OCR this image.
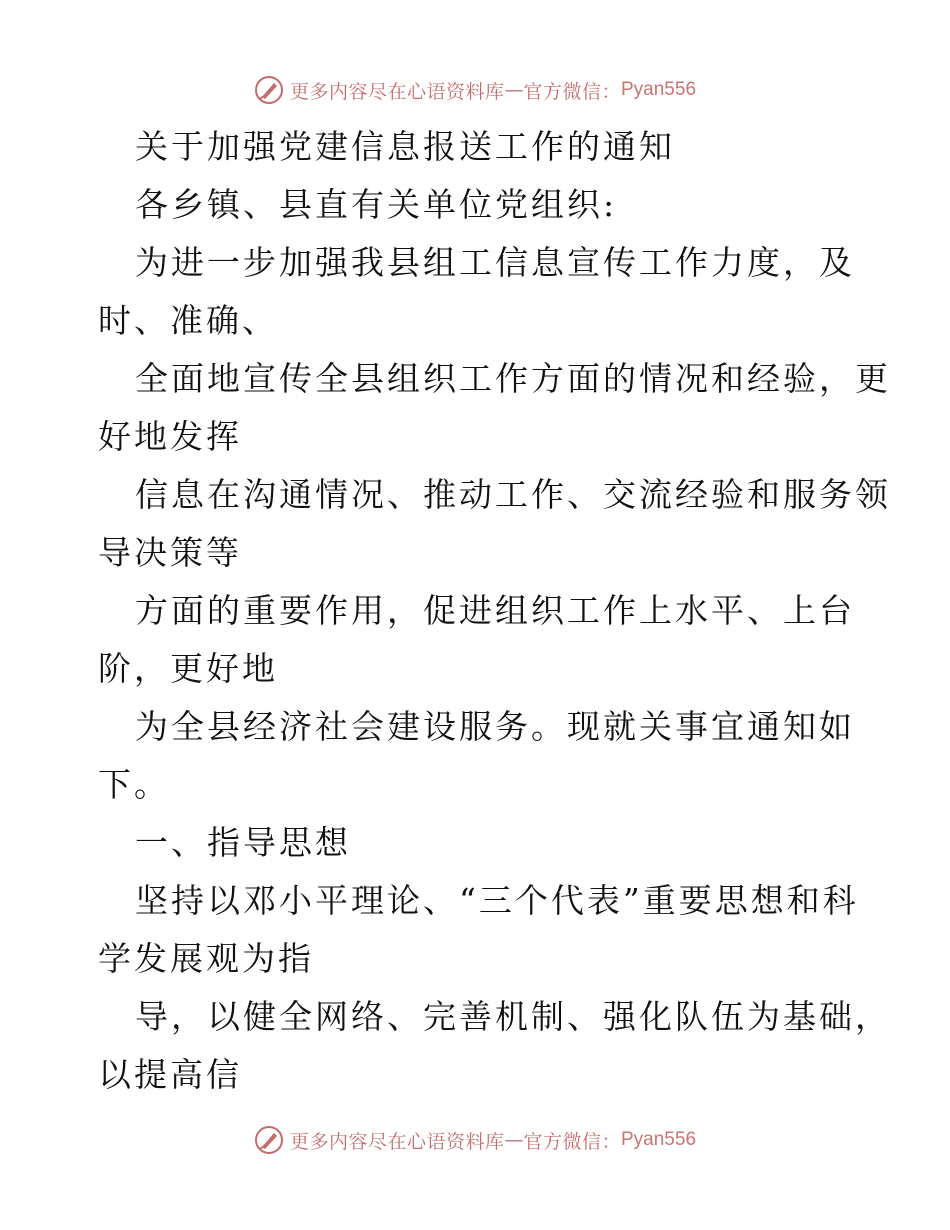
更多内容尽在心语资料库 — 官方微信： Pyan556
关于加强党建信息报送工作的通知
各乡镇、县直有关单位党组织:
为进一步加强我县组工信息宣传工作力度，及
时、准确、
全面地宣传全县组织工作方面的情况和经验，更
好地发挥
信息在沟通情况、推动工作、交流经验和服务领
导决策等
方面的重要作用，促进组织工作上水平、上台
阶，更好地
为全县经济社会建设服务。现就关事宜通知如
下。
一、指导思想
坚持以邓小平理论、“三个代表”重要思想和科
学发展观为指
导，以健全网络、完善机制、强化队伍为基础，
以提高信
更多内容尽在心语资料库 — 官方微信： Pyan556
